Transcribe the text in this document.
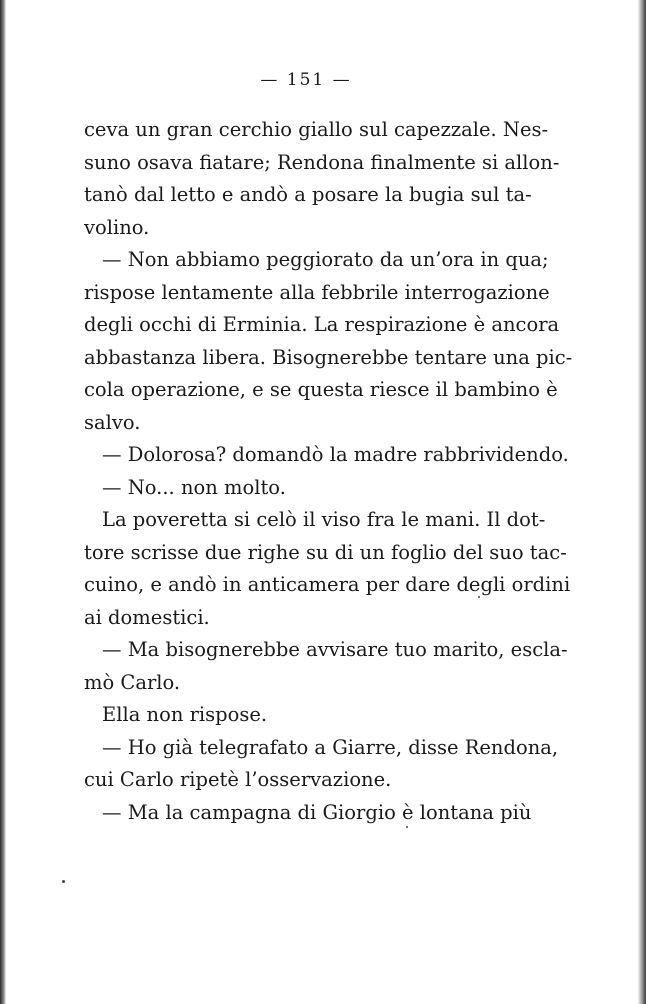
— 151 —
ceva un gran cerchio giallo sul capezzale. Nes-
suno osava fiatare; Rendona finalmente si allon-
tanò dal letto e andò a posare la bugia sul ta-
volino.
— Non abbiamo peggiorato da un’ora in qua;
rispose lentamente alla febbrile interrogazione
degli occhi di Erminia. La respirazione è ancora
abbastanza libera. Bisognerebbe tentare una pic-
cola operazione, e se questa riesce il bambino è
salvo.
— Dolorosa? domandò la madre rabbrividendo.
— No... non molto.
La poveretta si celò il viso fra le mani. Il dot-
tore scrisse due righe su di un foglio del suo tac-
cuino, e andò in anticamera per dare degli ordini
ai domestici.
— Ma bisognerebbe avvisare tuo marito, escla-
mò Carlo.
Ella non rispose.
— Ho già telegrafato a Giarre, disse Rendona,
cui Carlo ripetè l’osservazione.
— Ma la campagna di Giorgio è lontana più
